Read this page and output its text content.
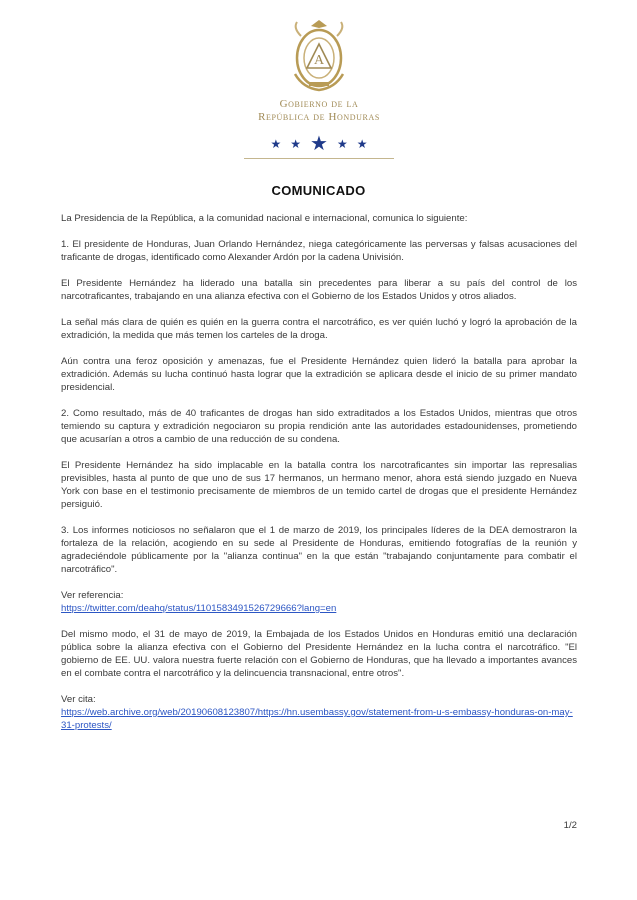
A
Gobierno de la
República de Honduras
★ ★ ★ ★ ★
COMUNICADO

La Presidencia de la República, a la comunidad nacional e internacional, comunica lo siguiente:

1. El presidente de Honduras, Juan Orlando Hernández, niega categóricamente las perversas y falsas acusaciones del traficante de drogas, identificado como Alexander Ardón por la cadena Univisión.

El Presidente Hernández ha liderado una batalla sin precedentes para liberar a su país del control de los narcotraficantes, trabajando en una alianza efectiva con el Gobierno de los Estados Unidos y otros aliados.

La señal más clara de quién es quién en la guerra contra el narcotráfico, es ver quién luchó y logró la aprobación de la extradición, la medida que más temen los carteles de la droga.

Aún contra una feroz oposición y amenazas, fue el Presidente Hernández quien lideró la batalla para aprobar la extradición. Además su lucha continuó hasta lograr que la extradición se aplicara desde el inicio de su primer mandato presidencial.

2. Como resultado, más de 40 traficantes de drogas han sido extraditados a los Estados Unidos, mientras que otros temiendo su captura y extradición negociaron su propia rendición ante las autoridades estadounidenses, prometiendo que acusarían a otros a cambio de una reducción de su condena.

El Presidente Hernández ha sido implacable en la batalla contra los narcotraficantes sin importar las represalias previsibles, hasta al punto de que uno de sus 17 hermanos, un hermano menor, ahora está siendo juzgado en Nueva York con base en el testimonio precisamente de miembros de un temido cartel de drogas que el presidente Hernández persiguió.

3. Los informes noticiosos no señalaron que el 1 de marzo de 2019, los principales líderes de la DEA demostraron la fortaleza de la relación, acogiendo en su sede al Presidente de Honduras, emitiendo fotografías de la reunión y agradeciéndole públicamente por la "alianza continua" en la que están "trabajando conjuntamente para combatir el narcotráfico".

Ver referencia:

https://twitter.com/deahq/status/1101583491526729666?lang=en

Del mismo modo, el 31 de mayo de 2019, la Embajada de los Estados Unidos en Honduras emitió una declaración pública sobre la alianza efectiva con el Gobierno del Presidente Hernández en la lucha contra el narcotráfico. "El gobierno de EE. UU. valora nuestra fuerte relación con el Gobierno de Honduras, que ha llevado a importantes avances en el combate contra el narcotráfico y la delincuencia transnacional, entre otros".

Ver cita:

https://web.archive.org/web/20190608123807/https://hn.usembassy.gov/statement-from-u-s-embassy-honduras-on-may-31-protests/

1/2
